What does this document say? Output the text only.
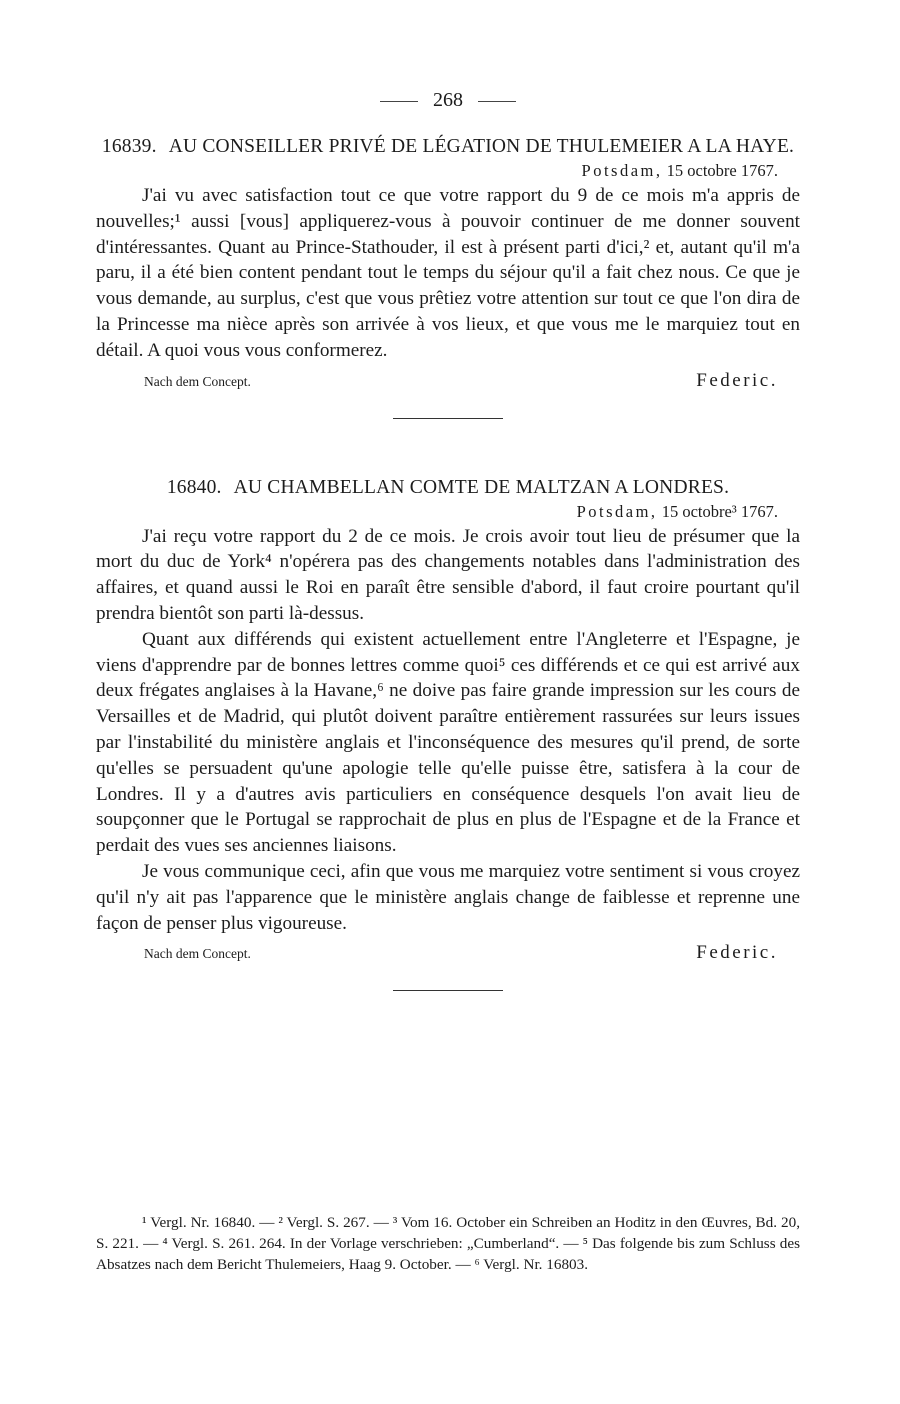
268
16839. AU CONSEILLER PRIVÉ DE LÉGATION DE THULEMEIER A LA HAYE.
Potsdam, 15 octobre 1767.

J'ai vu avec satisfaction tout ce que votre rapport du 9 de ce mois m'a appris de nouvelles;¹ aussi [vous] appliquerez-vous à pouvoir continuer de me donner souvent d'intéressantes. Quant au Prince-Stathouder, il est à présent parti d'ici,² et, autant qu'il m'a paru, il a été bien content pendant tout le temps du séjour qu'il a fait chez nous. Ce que je vous demande, au surplus, c'est que vous prêtiez votre attention sur tout ce que l'on dira de la Princesse ma nièce après son arrivée à vos lieux, et que vous me le marquiez tout en détail. A quoi vous vous conformerez.

Nach dem Concept.	Federic.
16840. AU CHAMBELLAN COMTE DE MALTZAN A LONDRES.
Potsdam, 15 octobre³ 1767.

J'ai reçu votre rapport du 2 de ce mois. Je crois avoir tout lieu de présumer que la mort du duc de York⁴ n'opérera pas des changements notables dans l'administration des affaires, et quand aussi le Roi en paraît être sensible d'abord, il faut croire pourtant qu'il prendra bientôt son parti là-dessus.

Quant aux différends qui existent actuellement entre l'Angleterre et l'Espagne, je viens d'apprendre par de bonnes lettres comme quoi⁵ ces différends et ce qui est arrivé aux deux frégates anglaises à la Havane,⁶ ne doive pas faire grande impression sur les cours de Versailles et de Madrid, qui plutôt doivent paraître entièrement rassurées sur leurs issues par l'instabilité du ministère anglais et l'inconséquence des mesures qu'il prend, de sorte qu'elles se persuadent qu'une apologie telle qu'elle puisse être, satisfera à la cour de Londres. Il y a d'autres avis particuliers en conséquence desquels l'on avait lieu de soupçonner que le Portugal se rapprochait de plus en plus de l'Espagne et de la France et perdait des vues ses anciennes liaisons.

Je vous communique ceci, afin que vous me marquiez votre sentiment si vous croyez qu'il n'y ait pas l'apparence que le ministère anglais change de faiblesse et reprenne une façon de penser plus vigoureuse.

Nach dem Concept.	Federic.
¹ Vergl. Nr. 16840. — ² Vergl. S. 267. — ³ Vom 16. October ein Schreiben an Hoditz in den Œuvres, Bd. 20, S. 221. — ⁴ Vergl. S. 261. 264. In der Vorlage verschrieben: „Cumberland“. — ⁵ Das folgende bis zum Schluss des Absatzes nach dem Bericht Thulemeiers, Haag 9. October. — ⁶ Vergl. Nr. 16803.
